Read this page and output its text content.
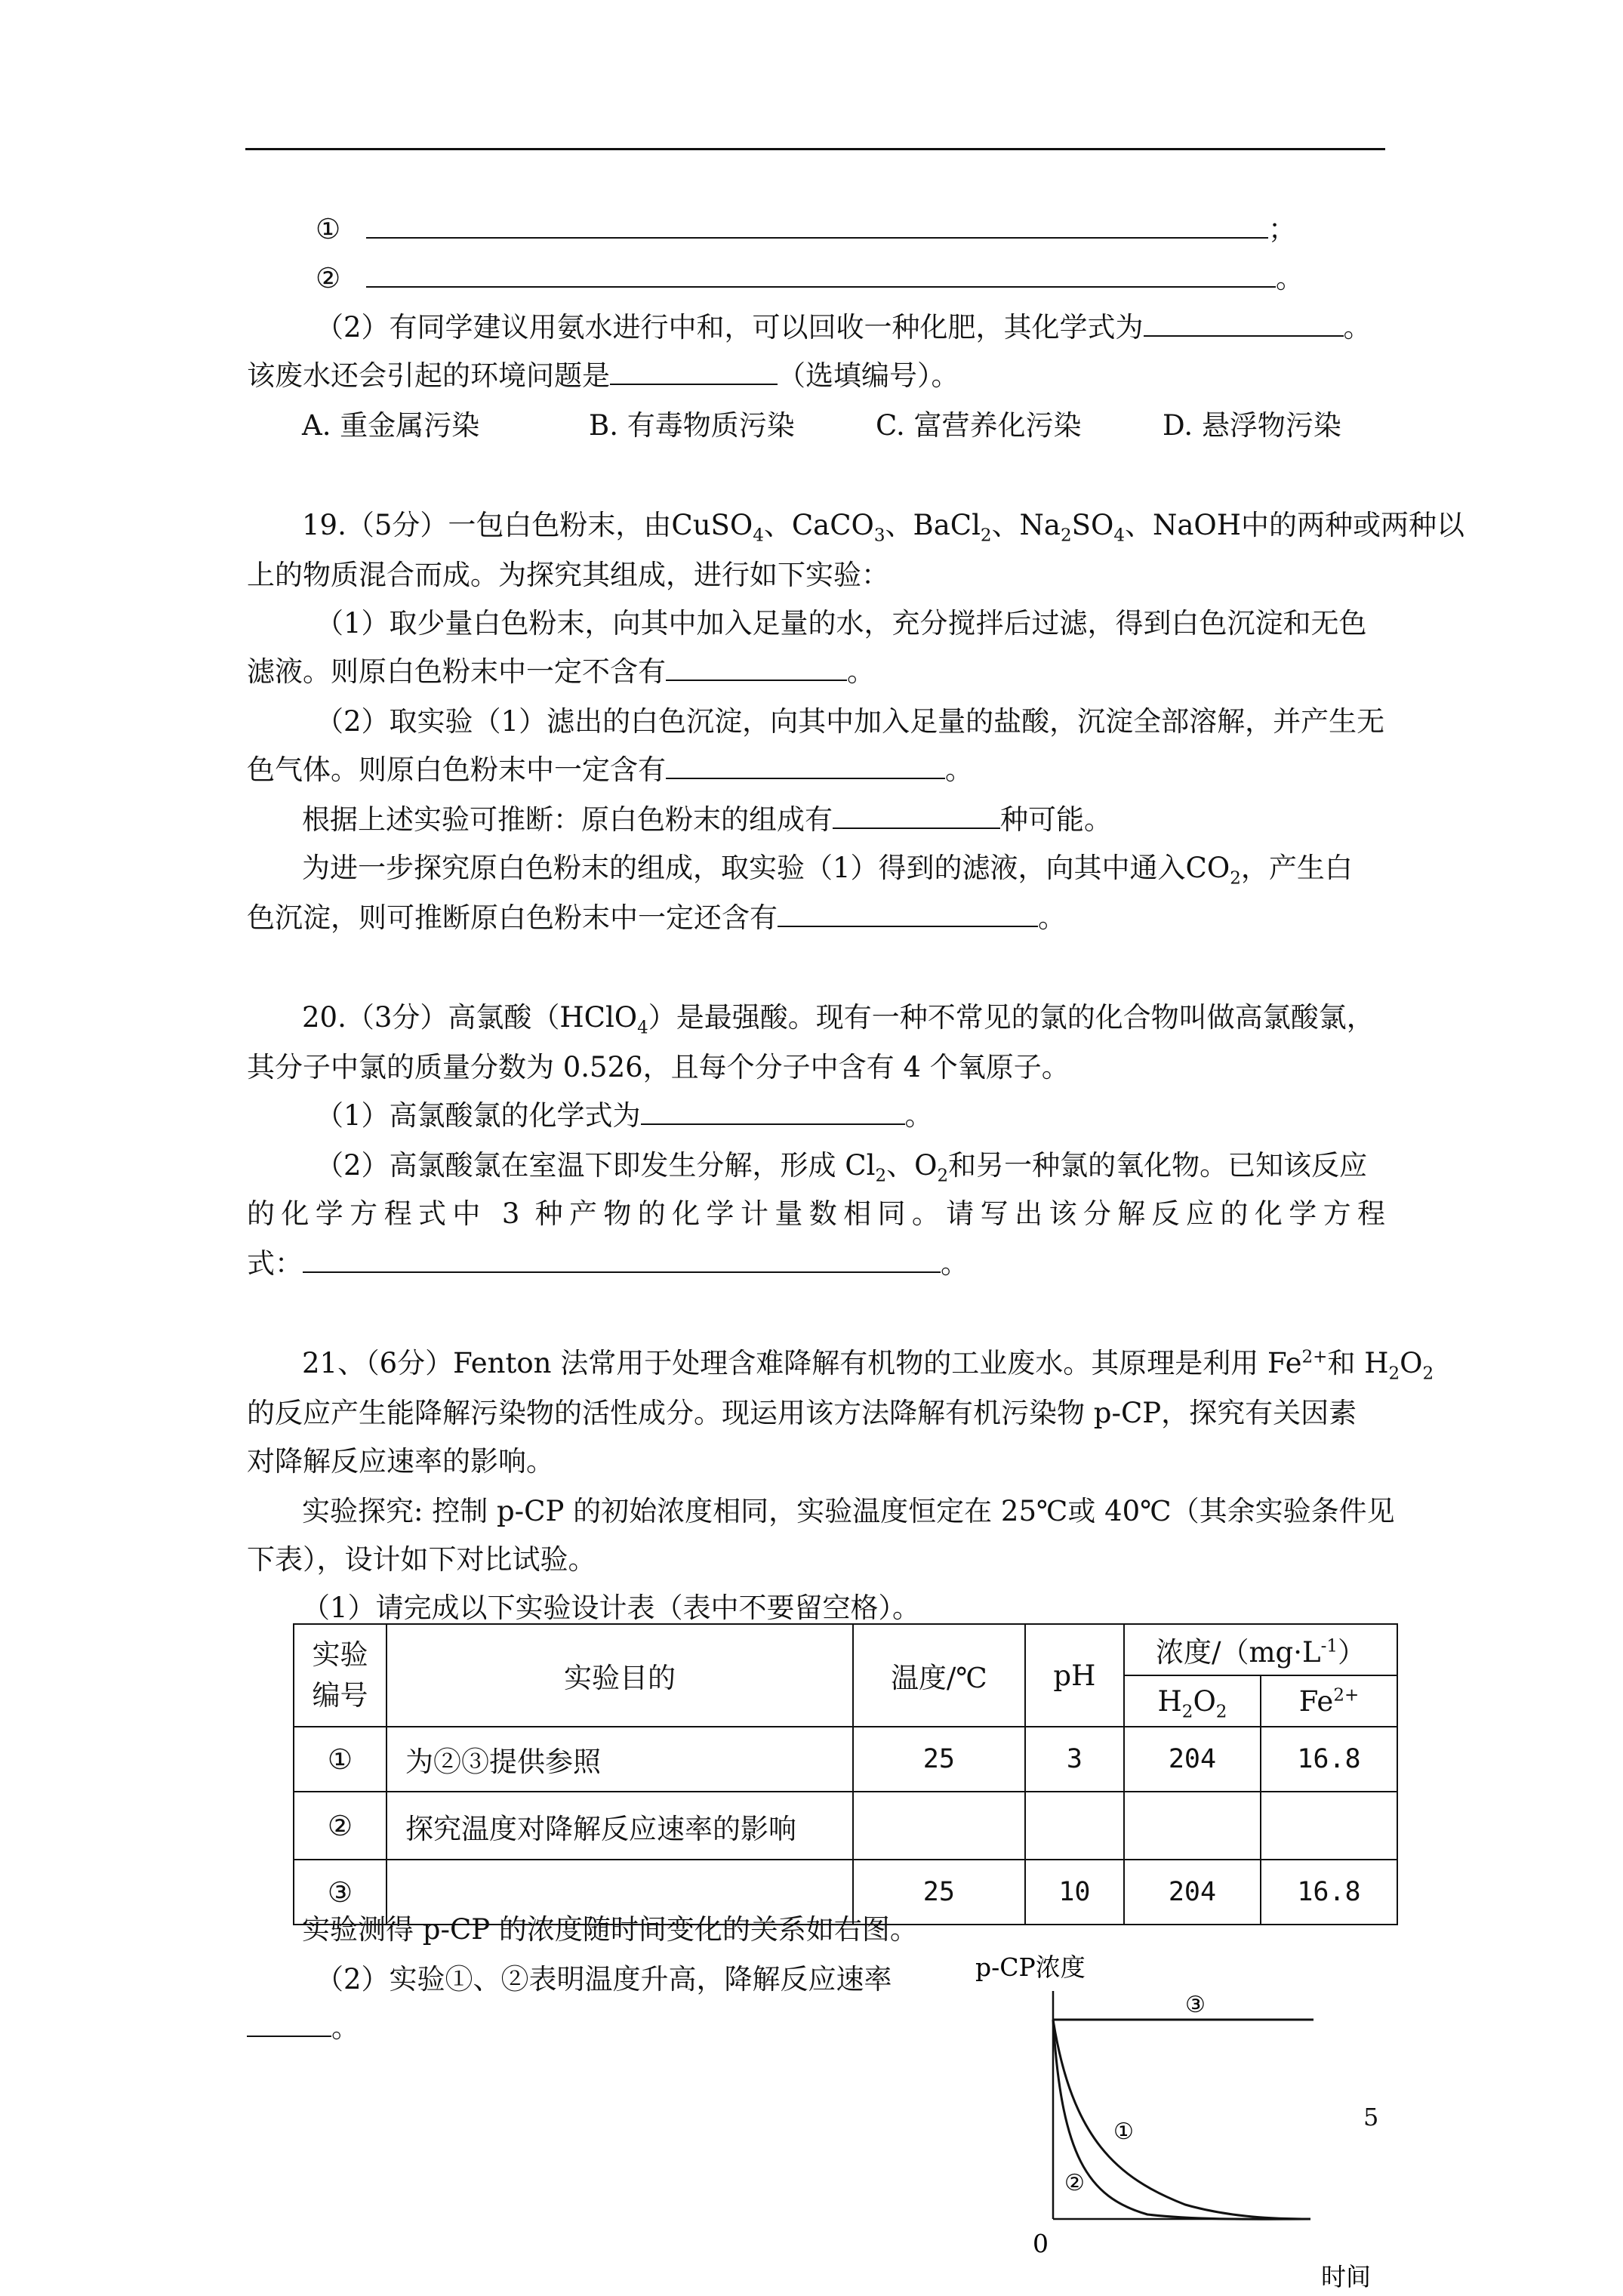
①	；
②	。
（2）有同学建议用氨水进行中和，可以回收一种化肥，其化学式为	。
该废水还会引起的环境问题是	（选填编号）。
A. 重金属污染	B. 有毒物质污染	C. 富营养化污染	D. 悬浮物污染
19.（5分）一包白色粉末，由CuSO$_4$、CaCO$_3$、BaCl$_2$、$Na_2SO_4$、NaOH中的两种或两种以
上的物质混合而成。为探究其组成，进行如下实验：
（1）取少量白色粉末，向其中加入足量的水，充分搅拌后过滤，得到白色沉淀和无色
滤液。则原白色粉末中一定不含有	。
（2）取实验（1）滤出的白色沉淀，向其中加入足量的盐酸，沉淀全部溶解，并产生无
色气体。则原白色粉末中一定含有	。
根据上述实验可推断：原白色粉末的组成有	种可能。
为进一步探究原白色粉末的组成，取实验（1）得到的滤液，向其中通入$CO_2$，产生白
色沉淀，则可推断原白色粉末中一定还含有	。
20.（3分）高氯酸（HClO$_4$）是最强酸。现有一种不常见的氯的化合物叫做高氯酸氯，
其分子中氯的质量分数为 0.526，且每个分子中含有 4 个氧原子。
（1）高氯酸氯的化学式为	。
（2）高氯酸氯在室温下即发生分解，形成 $Cl_2$、$O_2$和另一种氯的氧化物。已知该反应
的化学方程式中 3 种产物的化学计量数相同。请写出该分解反应的化学方程
式：	。
21、（6分）Fenton 法常用于处理含难降解有机物的工业废水。其原理是利用 $Fe^{2+}$和 $H_2O_2$
的反应产生能降解污染物的活性成分。现运用该方法降解有机污染物 p-CP，探究有关因素
对降解反应速率的影响。
实验探究: 控制 p-CP 的初始浓度相同，实验温度恒定在 25℃或 40℃（其余实验条件见
下表），设计如下对比试验。
（1）请完成以下实验设计表（表中不要留空格）。
实验
编号	实验目的	温度/℃	pH	浓度$/(mg\cdot L^{-1})$	
				$H_2O_2$	$Fe^{2+}$
①	为②③提供参照	25	3	204	16.8
②	探究温度对降解反应速率的影响				
③		25	10	204	16.8
实验测得 p-CP 的浓度随时间变化的关系如右图。
（2）实验①、②表明温度升高，降解反应速率
。
p-CP浓度
0
时间
③
①
②
5
